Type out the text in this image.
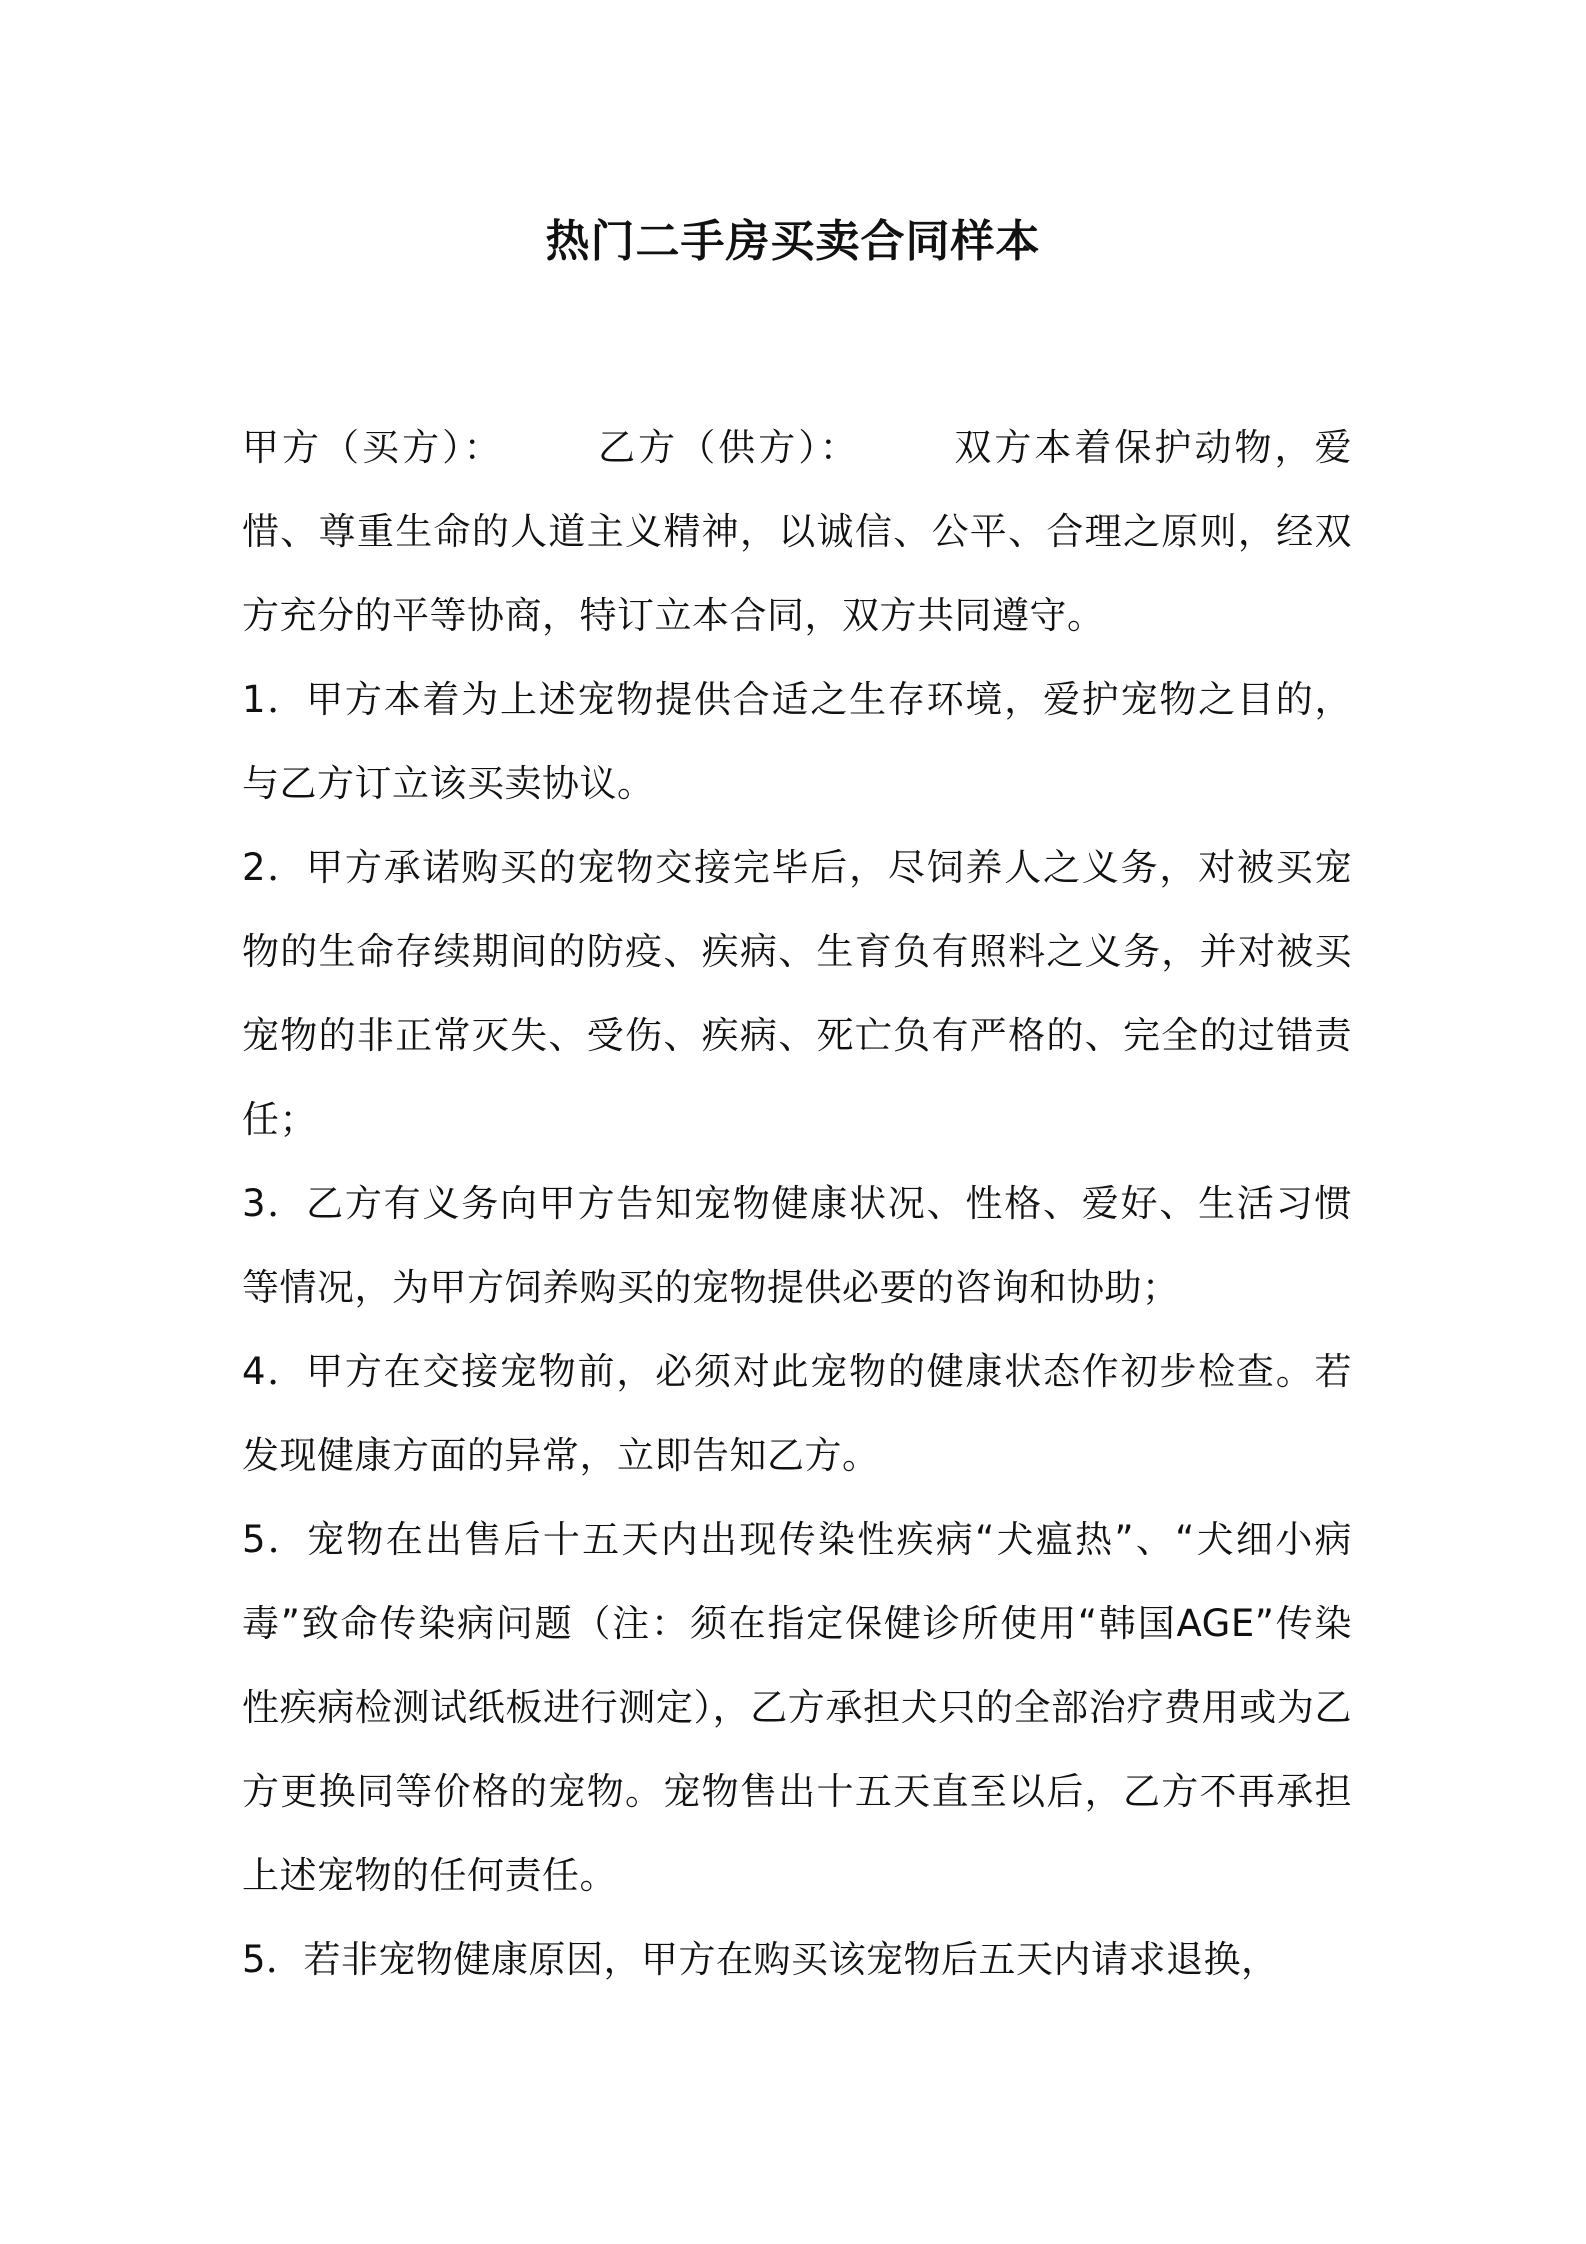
热门二手房买卖合同样本

甲方（买方）： 乙方（供方）： 双方本着保护动物，爱惜、尊重生命的人道主义精神，以诚信、公平、合理之原则，经双方充分的平等协商，特订立本合同，双方共同遵守。

1．甲方本着为上述宠物提供合适之生存环境，爱护宠物之目的，与乙方订立该买卖协议。

2．甲方承诺购买的宠物交接完毕后，尽饲养人之义务，对被买宠物的生命存续期间的防疫、疾病、生育负有照料之义务，并对被买宠物的非正常灭失、受伤、疾病、死亡负有严格的、完全的过错责任；

3．乙方有义务向甲方告知宠物健康状况、性格、爱好、生活习惯等情况，为甲方饲养购买的宠物提供必要的咨询和协助；

4．甲方在交接宠物前，必须对此宠物的健康状态作初步检查。若发现健康方面的异常，立即告知乙方。

5．宠物在出售后十五天内出现传染性疾病“犬瘟热”、“犬细小病毒”致命传染病问题（注：须在指定保健诊所使用“韩国AGE”传染性疾病检测试纸板进行测定），乙方承担犬只的全部治疗费用或为乙方更换同等价格的宠物。宠物售出十五天直至以后，乙方不再承担上述宠物的任何责任。

5．若非宠物健康原因，甲方在购买该宠物后五天内请求退换，
